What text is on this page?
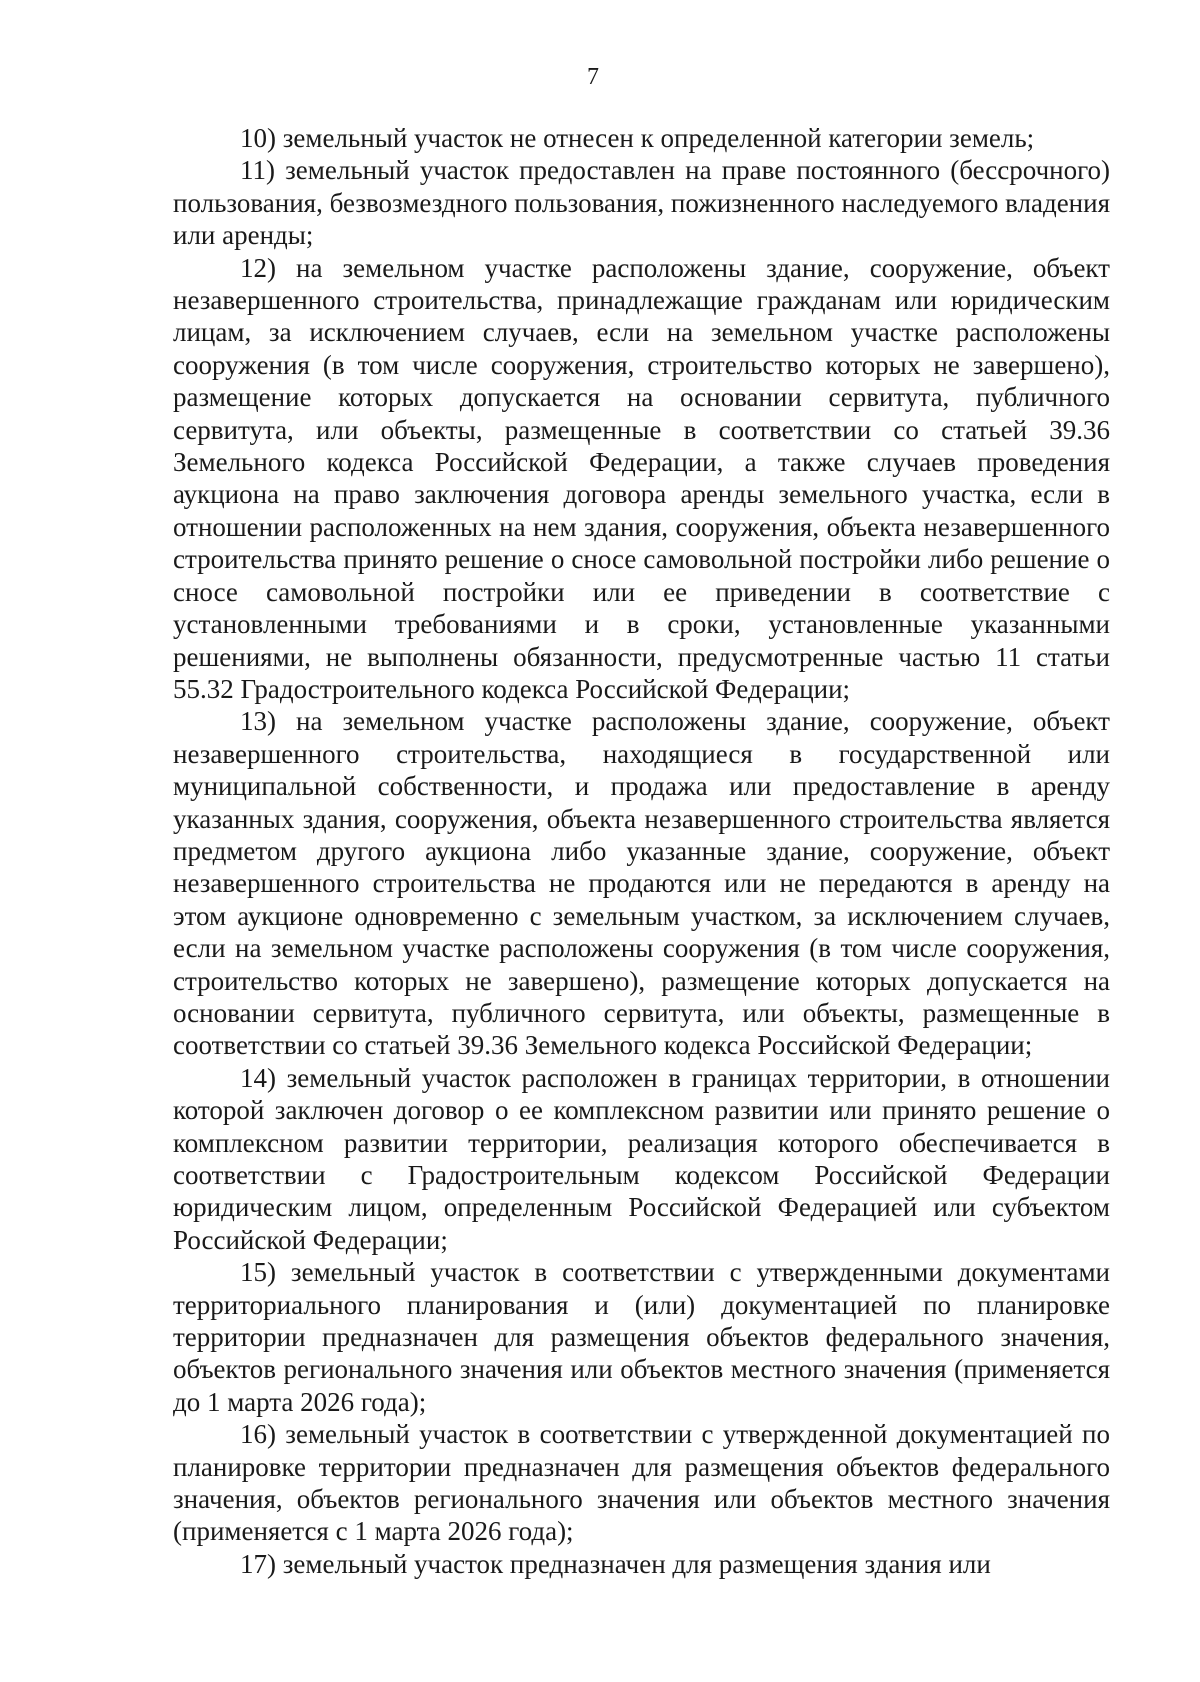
7

10) земельный участок не отнесен к определенной категории земель;

11) земельный участок предоставлен на праве постоянного (бессрочного) пользования, безвозмездного пользования, пожизненного наследуемого владения или аренды;

12) на земельном участке расположены здание, сооружение, объект незавершенного строительства, принадлежащие гражданам или юридическим лицам, за исключением случаев, если на земельном участке расположены сооружения (в том числе сооружения, строительство которых не завершено), размещение которых допускается на основании сервитута, публичного сервитута, или объекты, размещенные в соответствии со статьей 39.36 Земельного кодекса Российской Федерации, а также случаев проведения аукциона на право заключения договора аренды земельного участка, если в отношении расположенных на нем здания, сооружения, объекта незавершенного строительства принято решение о сносе самовольной постройки либо решение о сносе самовольной постройки или ее приведении в соответствие с установленными требованиями и в сроки, установленные указанными решениями, не выполнены обязанности, предусмотренные частью 11 статьи 55.32 Градостроительного кодекса Российской Федерации;

13) на земельном участке расположены здание, сооружение, объект незавершенного строительства, находящиеся в государственной или муниципальной собственности, и продажа или предоставление в аренду указанных здания, сооружения, объекта незавершенного строительства является предметом другого аукциона либо указанные здание, сооружение, объект незавершенного строительства не продаются или не передаются в аренду на этом аукционе одновременно с земельным участком, за исключением случаев, если на земельном участке расположены сооружения (в том числе сооружения, строительство которых не завершено), размещение которых допускается на основании сервитута, публичного сервитута, или объекты, размещенные в соответствии со статьей 39.36 Земельного кодекса Российской Федерации;

14) земельный участок расположен в границах территории, в отношении которой заключен договор о ее комплексном развитии или принято решение о комплексном развитии территории, реализация которого обеспечивается в соответствии с Градостроительным кодексом Российской Федерации юридическим лицом, определенным Российской Федерацией или субъектом Российской Федерации;

15) земельный участок в соответствии с утвержденными документами территориального планирования и (или) документацией по планировке территории предназначен для размещения объектов федерального значения, объектов регионального значения или объектов местного значения (применяется до 1 марта 2026 года);

16) земельный участок в соответствии с утвержденной документацией по планировке территории предназначен для размещения объектов федерального значения, объектов регионального значения или объектов местного значения (применяется с 1 марта 2026 года);

17) земельный участок предназначен для размещения здания или
